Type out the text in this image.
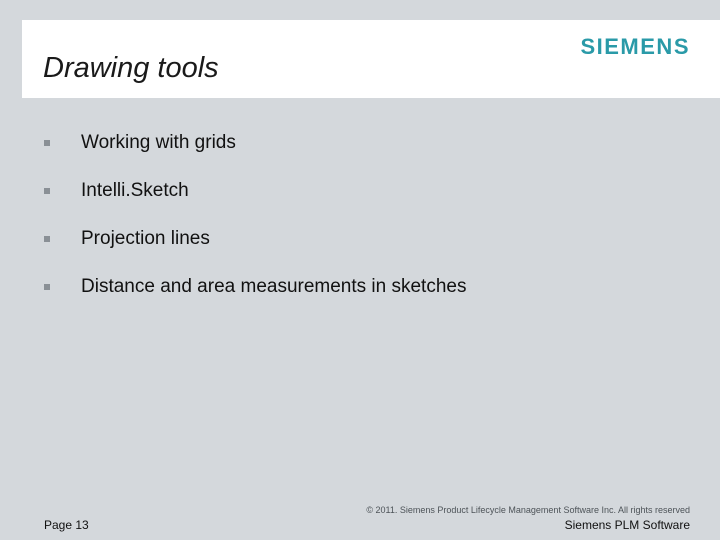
Drawing tools
SIEMENS
Working with grids
Intelli.Sketch
Projection lines
Distance and area measurements in sketches
© 2011. Siemens Product Lifecycle Management Software Inc. All rights reserved
Page 13	Siemens PLM Software
